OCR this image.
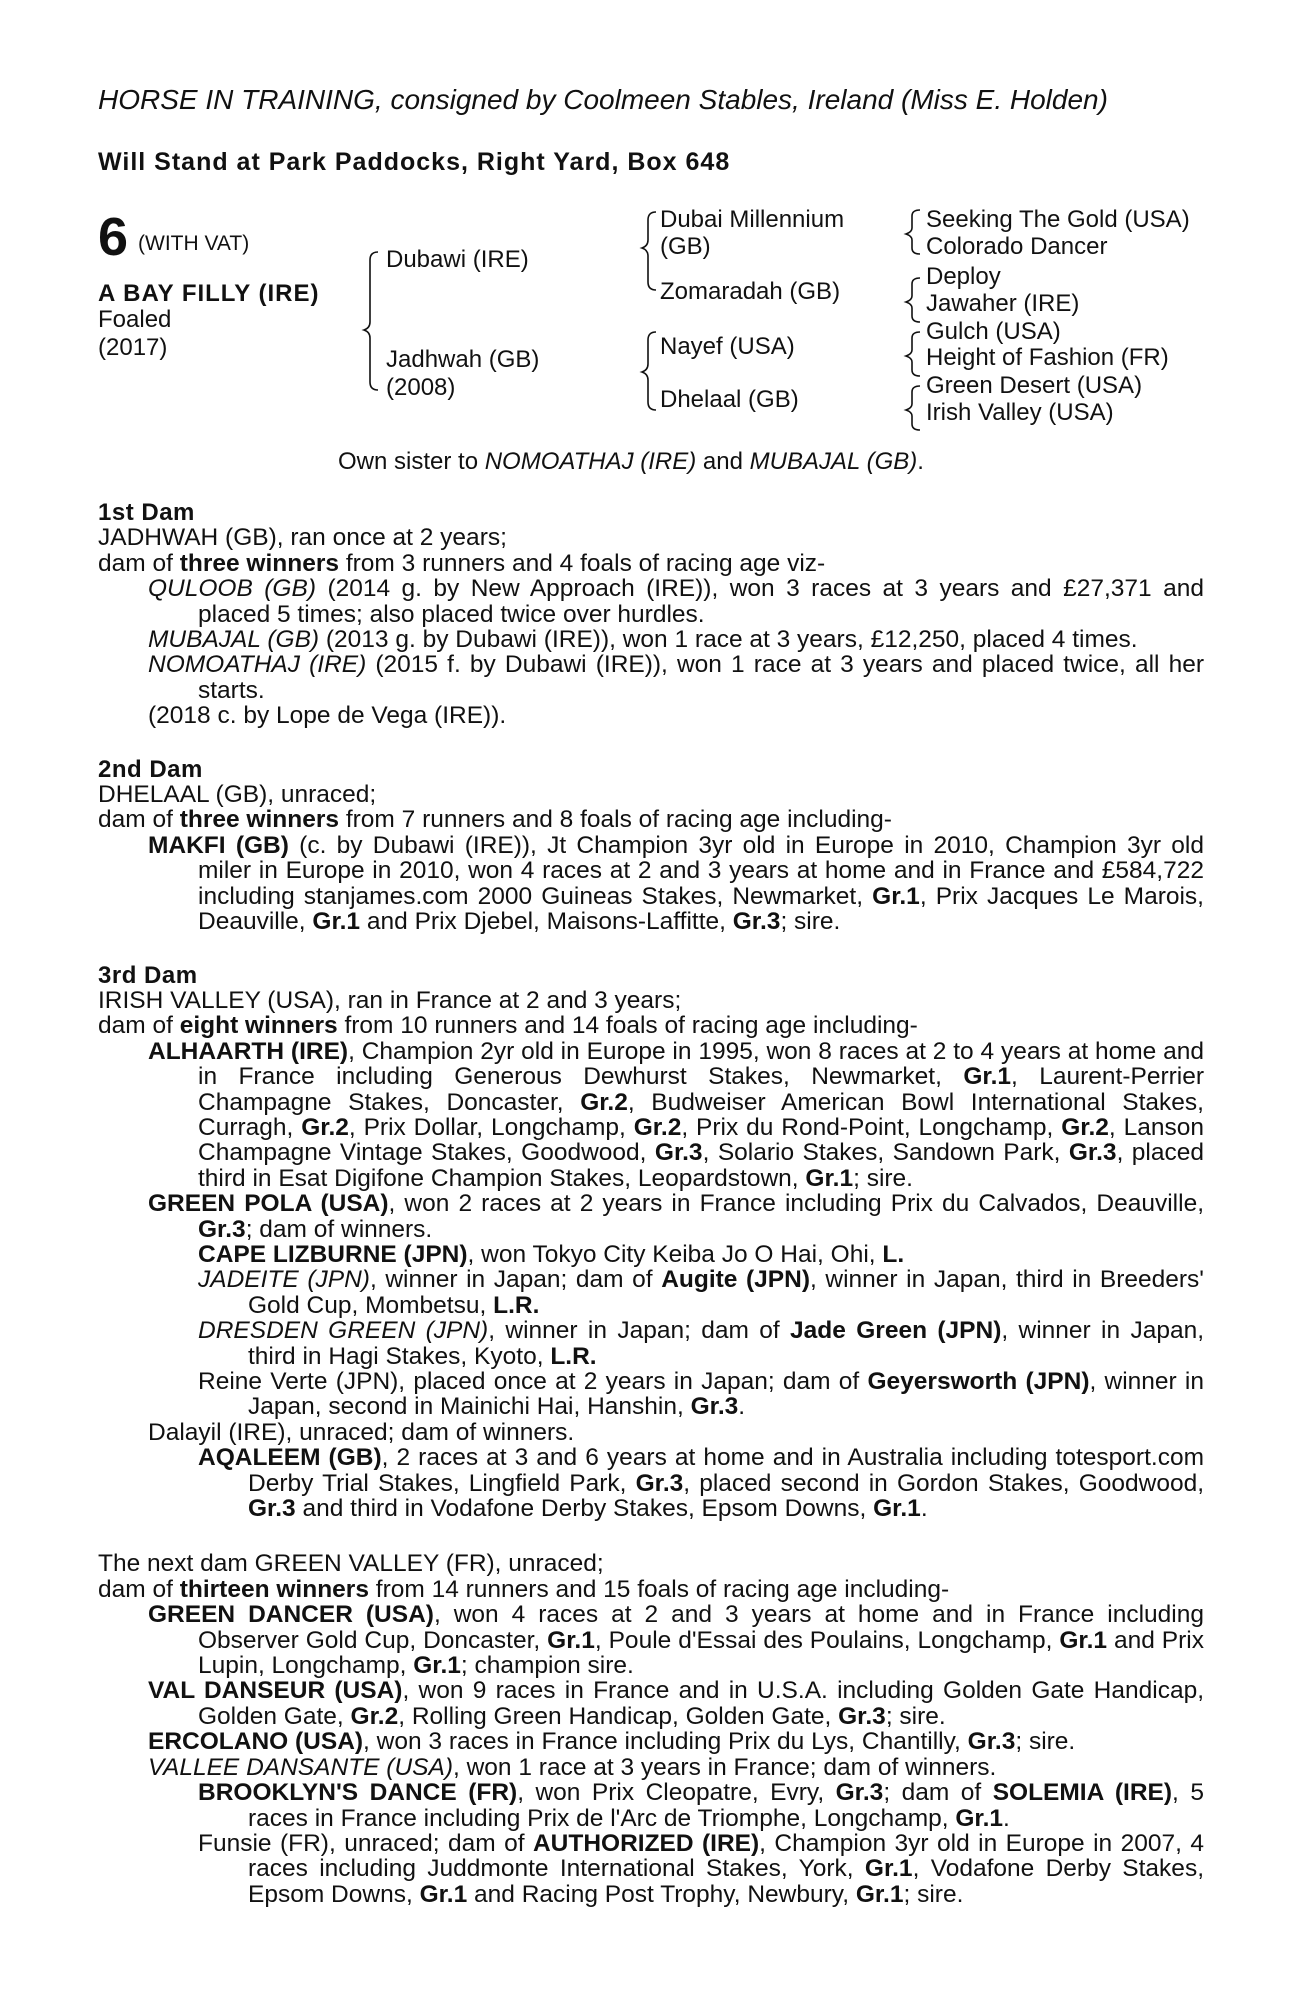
HORSE IN TRAINING, consigned by Coolmeen Stables, Ireland (Miss E. Holden)
Will Stand at Park Paddocks, Right Yard, Box 648
6 (WITH VAT)
A BAY FILLY (IRE)
Foaled
(2017)
Dubawi (IRE)
Jadhwah (GB)
(2008)
Dubai Millennium
(GB)
Zomaradah (GB)
Nayef (USA)
Dhelaal (GB)
Seeking The Gold (USA)
Colorado Dancer
Deploy
Jawaher (IRE)
Gulch (USA)
Height of Fashion (FR)
Green Desert (USA)
Irish Valley (USA)
Own sister to NOMOATHAJ (IRE) and MUBAJAL (GB).

1st Dam

JADHWAH (GB), ran once at 2 years;

dam of three winners from 3 runners and 4 foals of racing age viz-

QULOOB (GB) (2014 g. by New Approach (IRE)), won 3 races at 3 years and £27,371 and placed 5 times; also placed twice over hurdles.

MUBAJAL (GB) (2013 g. by Dubawi (IRE)), won 1 race at 3 years, £12,250, placed 4 times.

NOMOATHAJ (IRE) (2015 f. by Dubawi (IRE)), won 1 race at 3 years and placed twice, all her starts.

(2018 c. by Lope de Vega (IRE)).

2nd Dam

DHELAAL (GB), unraced;

dam of three winners from 7 runners and 8 foals of racing age including-

MAKFI (GB) (c. by Dubawi (IRE)), Jt Champion 3yr old in Europe in 2010, Champion 3yr old miler in Europe in 2010, won 4 races at 2 and 3 years at home and in France and £584,722 including stanjames.com 2000 Guineas Stakes, Newmarket, Gr.1, Prix Jacques Le Marois, Deauville, Gr.1 and Prix Djebel, Maisons-Laffitte, Gr.3; sire.

3rd Dam

IRISH VALLEY (USA), ran in France at 2 and 3 years;

dam of eight winners from 10 runners and 14 foals of racing age including-

ALHAARTH (IRE), Champion 2yr old in Europe in 1995, won 8 races at 2 to 4 years at home and in France including Generous Dewhurst Stakes, Newmarket, Gr.1, Laurent-Perrier Champagne Stakes, Doncaster, Gr.2, Budweiser American Bowl International Stakes, Curragh, Gr.2, Prix Dollar, Longchamp, Gr.2, Prix du Rond-Point, Longchamp, Gr.2, Lanson Champagne Vintage Stakes, Goodwood, Gr.3, Solario Stakes, Sandown Park, Gr.3, placed third in Esat Digifone Champion Stakes, Leopardstown, Gr.1; sire.

GREEN POLA (USA), won 2 races at 2 years in France including Prix du Calvados, Deauville, Gr.3; dam of winners.

CAPE LIZBURNE (JPN), won Tokyo City Keiba Jo O Hai, Ohi, L.

JADEITE (JPN), winner in Japan; dam of Augite (JPN), winner in Japan, third in Breeders' Gold Cup, Mombetsu, L.R.

DRESDEN GREEN (JPN), winner in Japan; dam of Jade Green (JPN), winner in Japan, third in Hagi Stakes, Kyoto, L.R.

Reine Verte (JPN), placed once at 2 years in Japan; dam of Geyersworth (JPN), winner in Japan, second in Mainichi Hai, Hanshin, Gr.3.

Dalayil (IRE), unraced; dam of winners.

AQALEEM (GB), 2 races at 3 and 6 years at home and in Australia including totesport.com Derby Trial Stakes, Lingfield Park, Gr.3, placed second in Gordon Stakes, Goodwood, Gr.3 and third in Vodafone Derby Stakes, Epsom Downs, Gr.1.

The next dam GREEN VALLEY (FR), unraced;

dam of thirteen winners from 14 runners and 15 foals of racing age including-

GREEN DANCER (USA), won 4 races at 2 and 3 years at home and in France including Observer Gold Cup, Doncaster, Gr.1, Poule d'Essai des Poulains, Longchamp, Gr.1 and Prix Lupin, Longchamp, Gr.1; champion sire.

VAL DANSEUR (USA), won 9 races in France and in U.S.A. including Golden Gate Handicap, Golden Gate, Gr.2, Rolling Green Handicap, Golden Gate, Gr.3; sire.

ERCOLANO (USA), won 3 races in France including Prix du Lys, Chantilly, Gr.3; sire.

VALLEE DANSANTE (USA), won 1 race at 3 years in France; dam of winners.

BROOKLYN'S DANCE (FR), won Prix Cleopatre, Evry, Gr.3; dam of SOLEMIA (IRE), 5 races in France including Prix de l'Arc de Triomphe, Longchamp, Gr.1.

Funsie (FR), unraced; dam of AUTHORIZED (IRE), Champion 3yr old in Europe in 2007, 4 races including Juddmonte International Stakes, York, Gr.1, Vodafone Derby Stakes, Epsom Downs, Gr.1 and Racing Post Trophy, Newbury, Gr.1; sire.
